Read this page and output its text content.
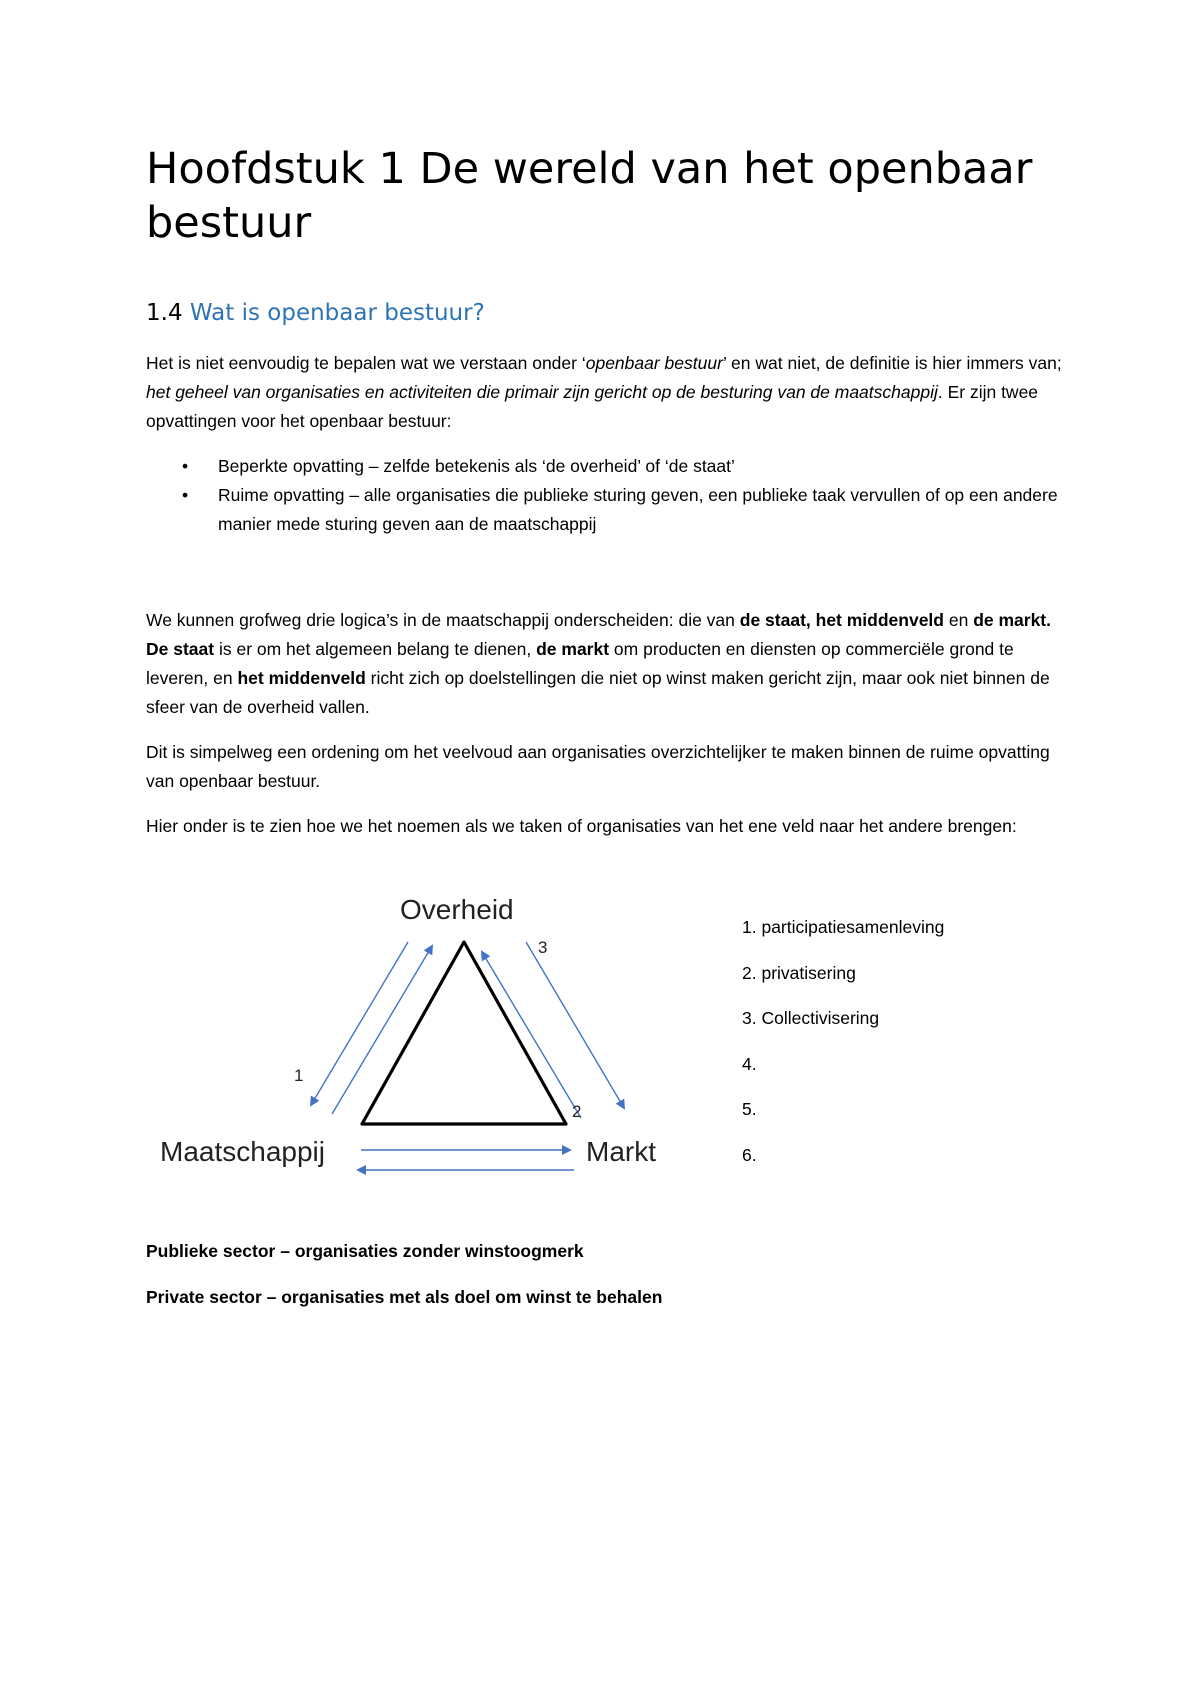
Hoofdstuk 1 De wereld van het openbaar bestuur
1.4 Wat is openbaar bestuur?

Het is niet eenvoudig te bepalen wat we verstaan onder ‘openbaar bestuur’ en wat niet, de definitie is hier immers van; het geheel van organisaties en activiteiten die primair zijn gericht op de besturing van de maatschappij. Er zijn twee opvattingen voor het openbaar bestuur:

• Beperkte opvatting – zelfde betekenis als ‘de overheid’ of ‘de staat’
• Ruime opvatting – alle organisaties die publieke sturing geven, een publieke taak vervullen of op een andere manier mede sturing geven aan de maatschappij

We kunnen grofweg drie logica’s in de maatschappij onderscheiden: die van de staat, het middenveld en de markt. De staat is er om het algemeen belang te dienen, de markt om producten en diensten op commerciële grond te leveren, en het middenveld richt zich op doelstellingen die niet op winst maken gericht zijn, maar ook niet binnen de sfeer van de overheid vallen.

Dit is simpelweg een ordening om het veelvoud aan organisaties overzichtelijker te maken binnen de ruime opvatting van openbaar bestuur.

Hier onder is te zien hoe we het noemen als we taken of organisaties van het ene veld naar het andere brengen:

Overheid
Maatschappij	Markt
1
2
3
1. participatiesamenleving
2. privatisering
3. Collectivisering
4.
5.
6.

Publieke sector – organisaties zonder winstoogmerk

Private sector – organisaties met als doel om winst te behalen
